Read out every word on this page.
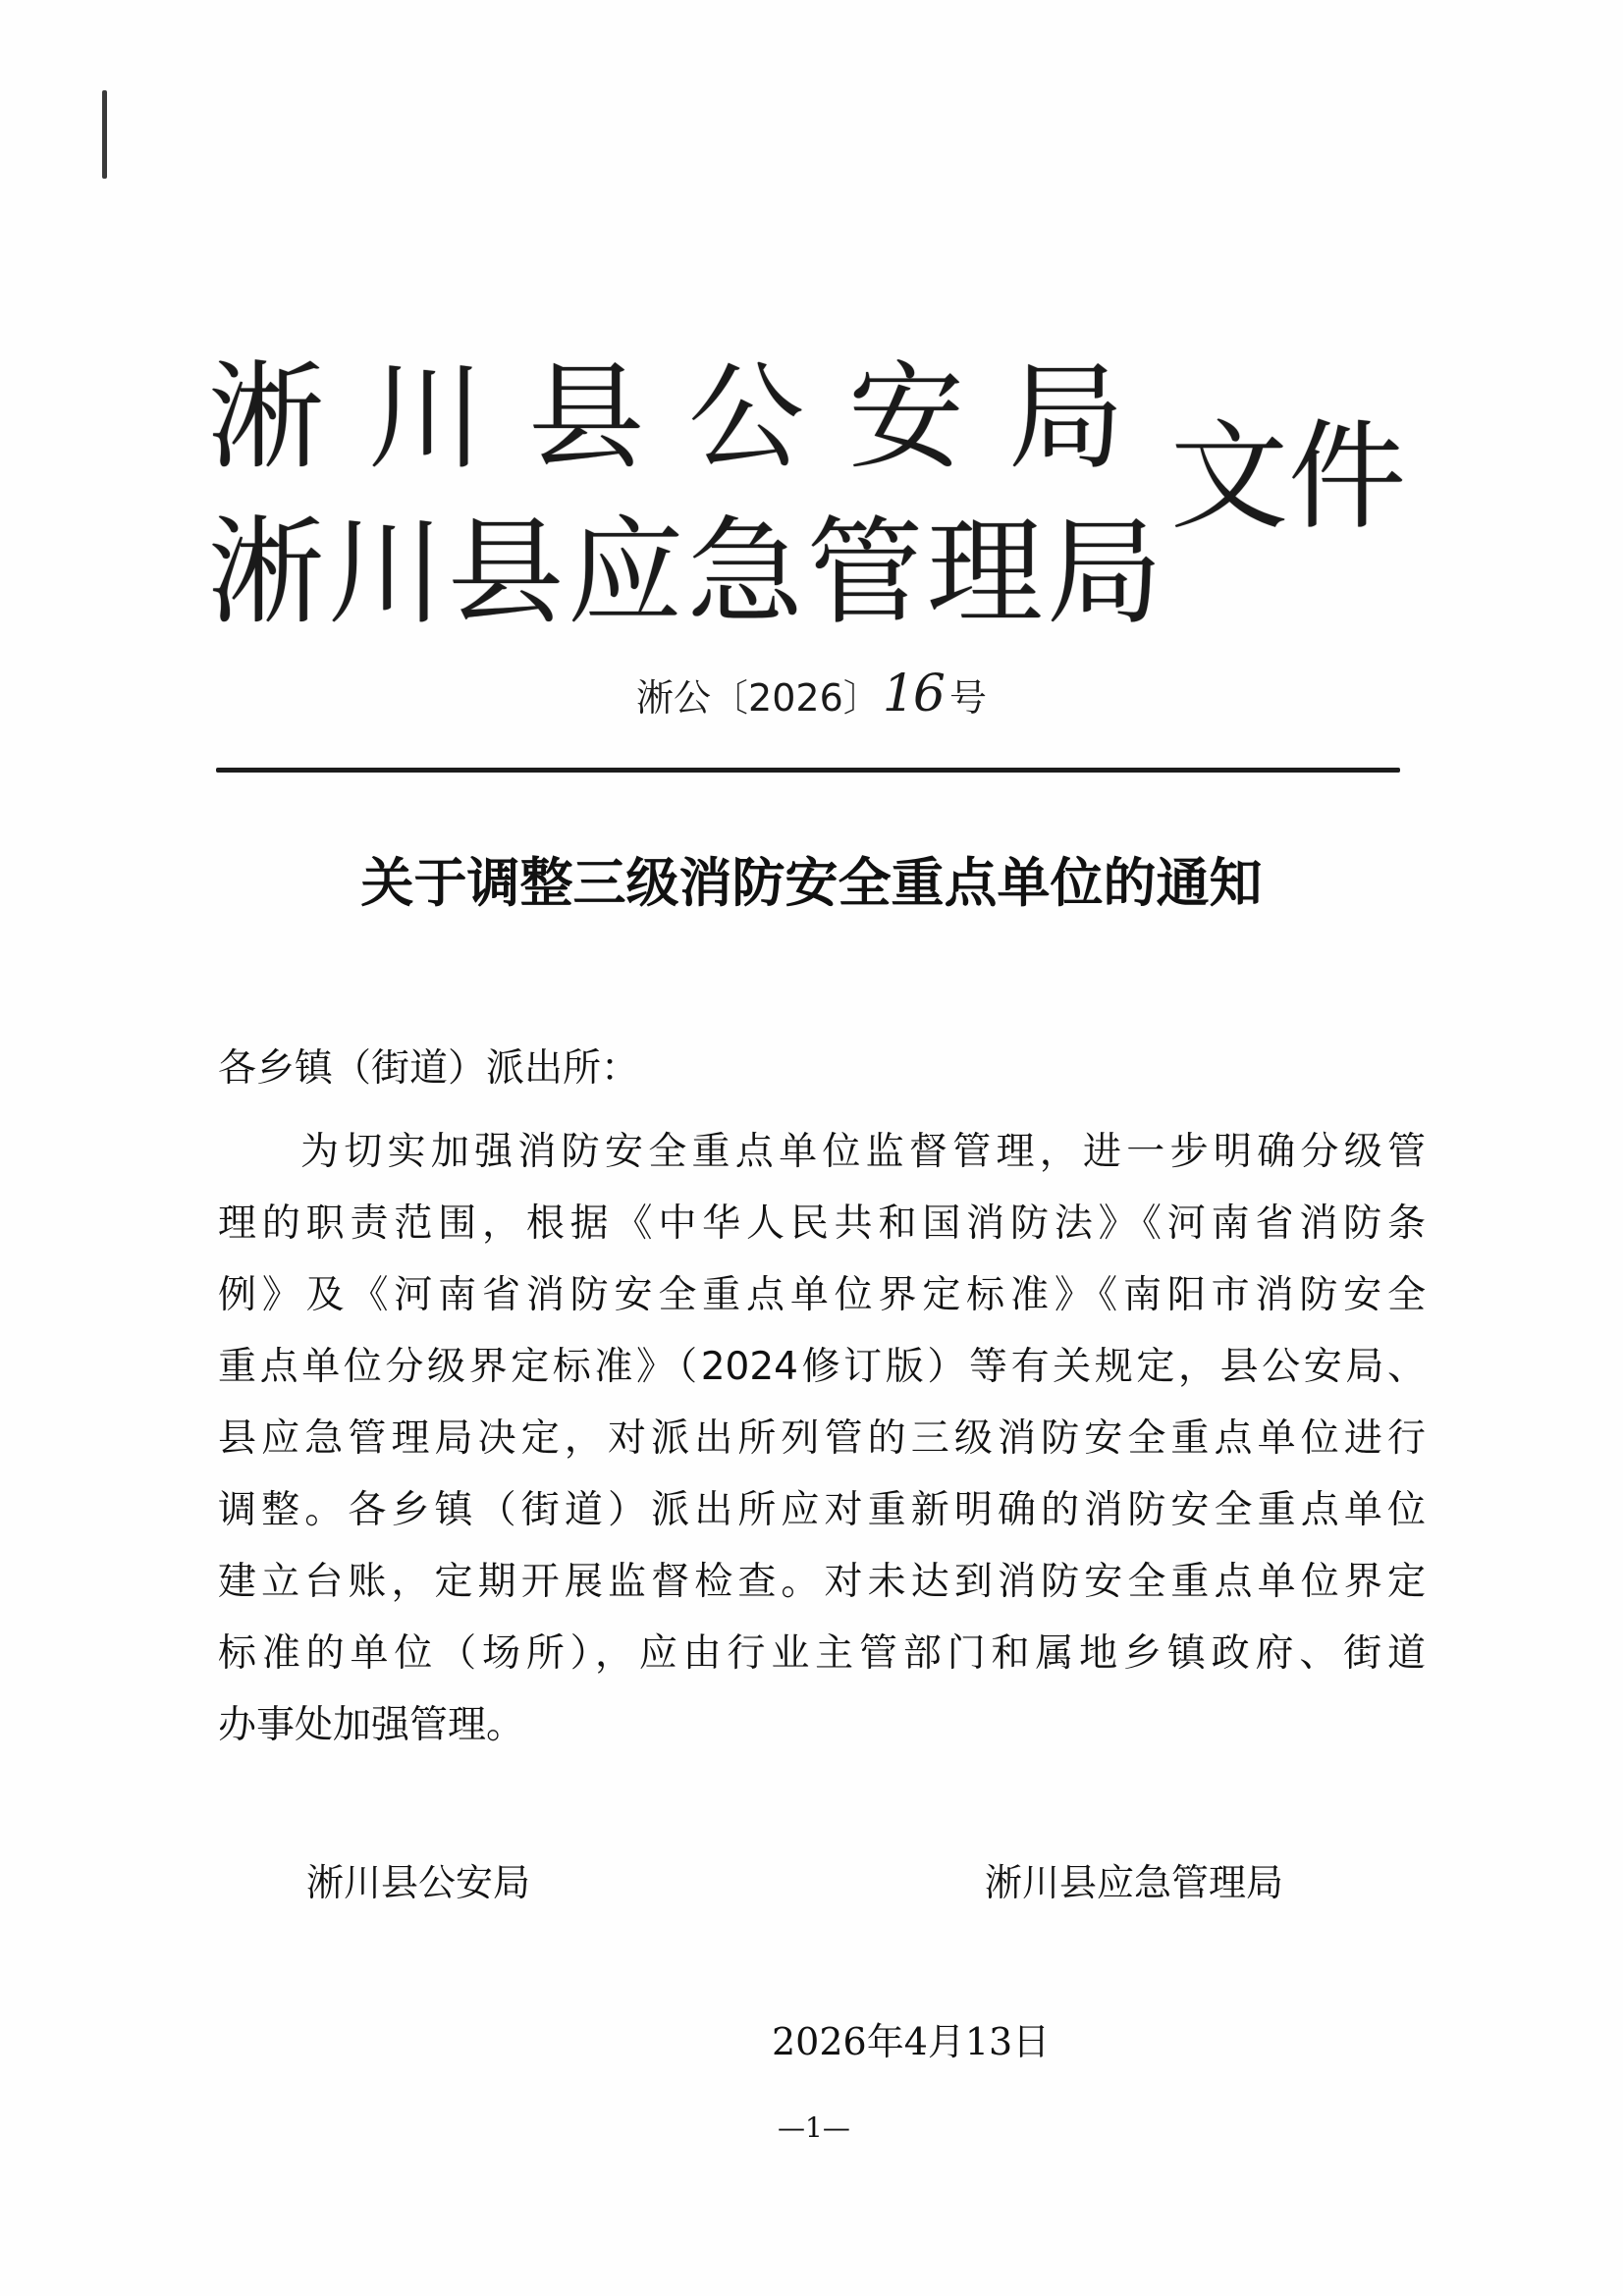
淅川县公安局
淅川县应急管理局
文件
淅公〔2026〕16 号
关于调整三级消防安全重点单位的通知
各乡镇（街道）派出所：
为切实加强消防安全重点单位监督管理，进一步明确分级管
理的职责范围，根据《中华人民共和国消防法》《河南省消防条
例》及《河南省消防安全重点单位界定标准》《南阳市消防安全
重点单位分级界定标准》（2024修订版）等有关规定，县公安局、
县应急管理局决定，对派出所列管的三级消防安全重点单位进行
调整。各乡镇（街道）派出所应对重新明确的消防安全重点单位
建立台账，定期开展监督检查。对未达到消防安全重点单位界定
标准的单位（场所），应由行业主管部门和属地乡镇政府、街道
办事处加强管理。
淅川县公安局	淅川县应急管理局
2026年4月13日
—1—
